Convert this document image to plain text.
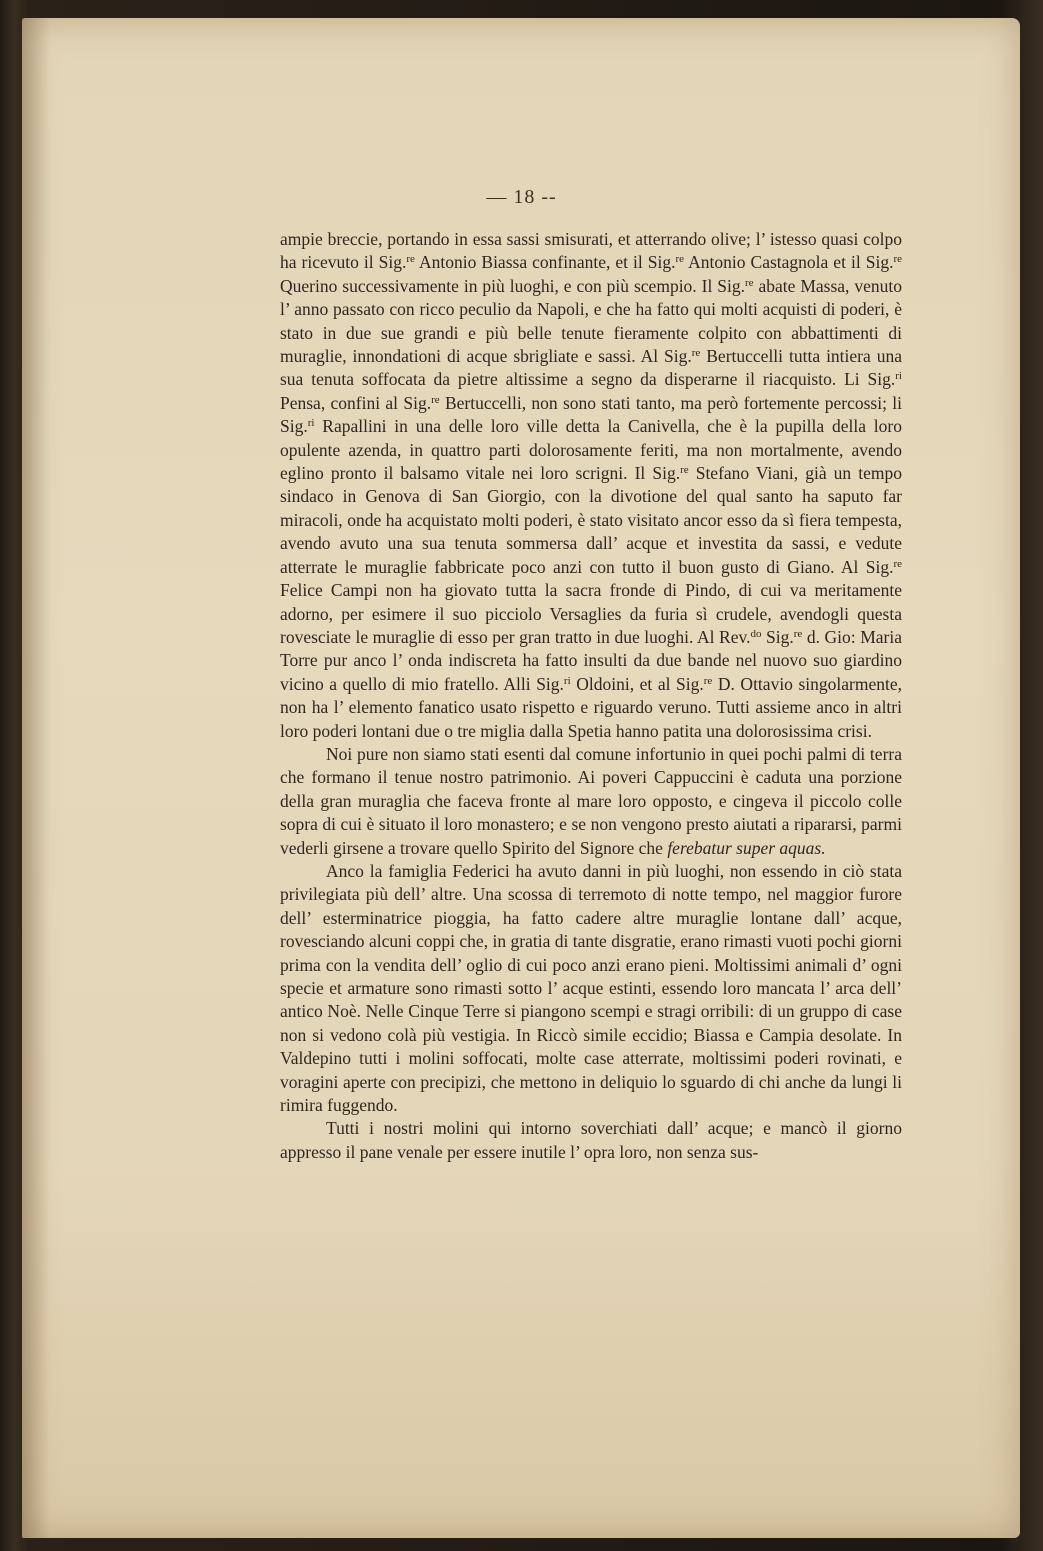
— 18 --

ampie breccie, portando in essa sassi smisurati, et atterrando olive; l’ istesso quasi colpo ha ricevuto il Sig.$^{re}$ Antonio Biassa confinante, et il Sig.$^{re}$ Antonio Castagnola et il Sig.$^{re}$ Querino successivamente in più luoghi, e con più scempio. Il Sig.$^{re}$ abate Massa, venuto l’ anno passato con ricco peculio da Napoli, e che ha fatto qui molti acquisti di poderi, è stato in due sue grandi e più belle tenute fieramente colpito con abbattimenti di muraglie, innondationi di acque sbrigliate e sassi. Al Sig.$^{re}$ Bertuccelli tutta intiera una sua tenuta soffocata da pietre altissime a segno da disperarne il riacquisto. Li Sig.$^{ri}$ Pensa, confini al Sig.$^{re}$ Bertuccelli, non sono stati tanto, ma però fortemente percossi; li Sig.$^{ri}$ Rapallini in una delle loro ville detta la Canivella, che è la pupilla della loro opulente azenda, in quattro parti dolorosamente feriti, ma non mortalmente, avendo eglino pronto il balsamo vitale nei loro scrigni. Il Sig.$^{re}$ Stefano Viani, già un tempo sindaco in Genova di San Giorgio, con la divotione del qual santo ha saputo far miracoli, onde ha acquistato molti poderi, è stato visitato ancor esso da sì fiera tempesta, avendo avuto una sua tenuta sommersa dall’ acque et investita da sassi, e vedute atterrate le muraglie fabbricate poco anzi con tutto il buon gusto di Giano. Al Sig.$^{re}$ Felice Campi non ha giovato tutta la sacra fronde di Pindo, di cui va meritamente adorno, per esimere il suo picciolo Versaglies da furia sì crudele, avendogli questa rovesciate le muraglie di esso per gran tratto in due luoghi. Al Rev.$^{do}$ Sig.$^{re}$ d. Gio: Maria Torre pur anco l’ onda indiscreta ha fatto insulti da due bande nel nuovo suo giardino vicino a quello di mio fratello. Alli Sig.$^{ri}$ Oldoini, et al Sig.$^{re}$ D. Ottavio singolarmente, non ha l’ elemento fanatico usato rispetto e riguardo veruno. Tutti assieme anco in altri loro poderi lontani due o tre miglia dalla Spetia hanno patita una dolorosissima crisi.

Noi pure non siamo stati esenti dal comune infortunio in quei pochi palmi di terra che formano il tenue nostro patrimonio. Ai poveri Cappuccini è caduta una porzione della gran muraglia che faceva fronte al mare loro opposto, e cingeva il piccolo colle sopra di cui è situato il loro monastero; e se non vengono presto aiutati a ripararsi, parmi vederli girsene a trovare quello Spirito del Signore che ferebatur super aquas.

Anco la famiglia Federici ha avuto danni in più luoghi, non essendo in ciò stata privilegiata più dell’ altre. Una scossa di terremoto di notte tempo, nel maggior furore dell’ esterminatrice pioggia, ha fatto cadere altre muraglie lontane dall’ acque, rovesciando alcuni coppi che, in gratia di tante disgratie, erano rimasti vuoti pochi giorni prima con la vendita dell’ oglio di cui poco anzi erano pieni. Moltissimi animali d’ ogni specie et armature sono rimasti sotto l’ acque estinti, essendo loro mancata l’ arca dell’ antico Noè. Nelle Cinque Terre si piangono scempi e stragi orribili: di un gruppo di case non si vedono colà più vestigia. In Riccò simile eccidio; Biassa e Campia desolate. In Valdepino tutti i molini soffocati, molte case atterrate, moltissimi poderi rovinati, e voragini aperte con precipizi, che mettono in deliquio lo sguardo di chi anche da lungi li rimira fuggendo.

Tutti i nostri molini qui intorno soverchiati dall’ acque; e mancò il giorno appresso il pane venale per essere inutile l’ opra loro, non senza sus-
